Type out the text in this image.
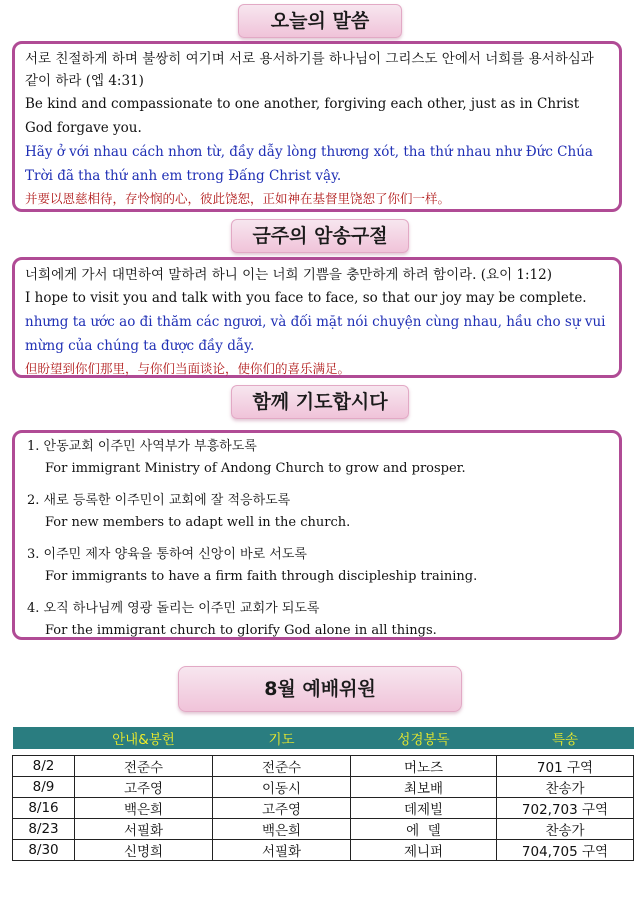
오늘의 말씀
서로 친절하게 하며 불쌍히 여기며 서로 용서하기를 하나님이 그리스도 안에서 너희를 용서하심과 같이 하라 (엡 4:31)
Be kind and compassionate to one another, forgiving each other, just as in Christ God forgave you.
Hãy ở với nhau cách nhơn từ, đầy dẫy lòng thương xót, tha thứ nhau như Đức Chúa Trời đã tha thứ anh em trong Đấng Christ vậy.
并要以恩慈相待，存怜悯的心，彼此饶恕，正如神在基督里饶恕了你们一样。
금주의 암송구절
너희에게 가서 대면하여 말하려 하니 이는 너희 기쁨을 충만하게 하려 함이라. (요이 1:12)
I hope to visit you and talk with you face to face, so that our joy may be complete.
nhưng ta ước ao đi thăm các ngươi, và đối mặt nói chuyện cùng nhau, hầu cho sự vui mừng của chúng ta được đầy dẫy.
但盼望到你们那里，与你们当面谈论，使你们的喜乐满足。
함께 기도합시다
1. 안동교회 이주민 사역부가 부흥하도록
For immigrant Ministry of Andong Church to grow and prosper.
2. 새로 등록한 이주민이 교회에 잘 적응하도록
For new members to adapt well in the church.
3. 이주민 제자 양육을 통하여 신앙이 바로 서도록
For immigrants to have a firm faith through discipleship training.
4. 오직 하나님께 영광 돌리는 이주민 교회가 되도록
For the immigrant church to glorify God alone in all things.
8월 예배위원
	안내&봉헌	기도	성경봉독	특송

8/2	전준수	전준수	머노즈	701 구역
8/9	고주영	이동시	최보배	찬송가
8/16	백은희	고주영	데제빌	702,703 구역
8/23	서필화	백은희	에  델	찬송가
8/30	신명희	서필화	제니퍼	704,705 구역
